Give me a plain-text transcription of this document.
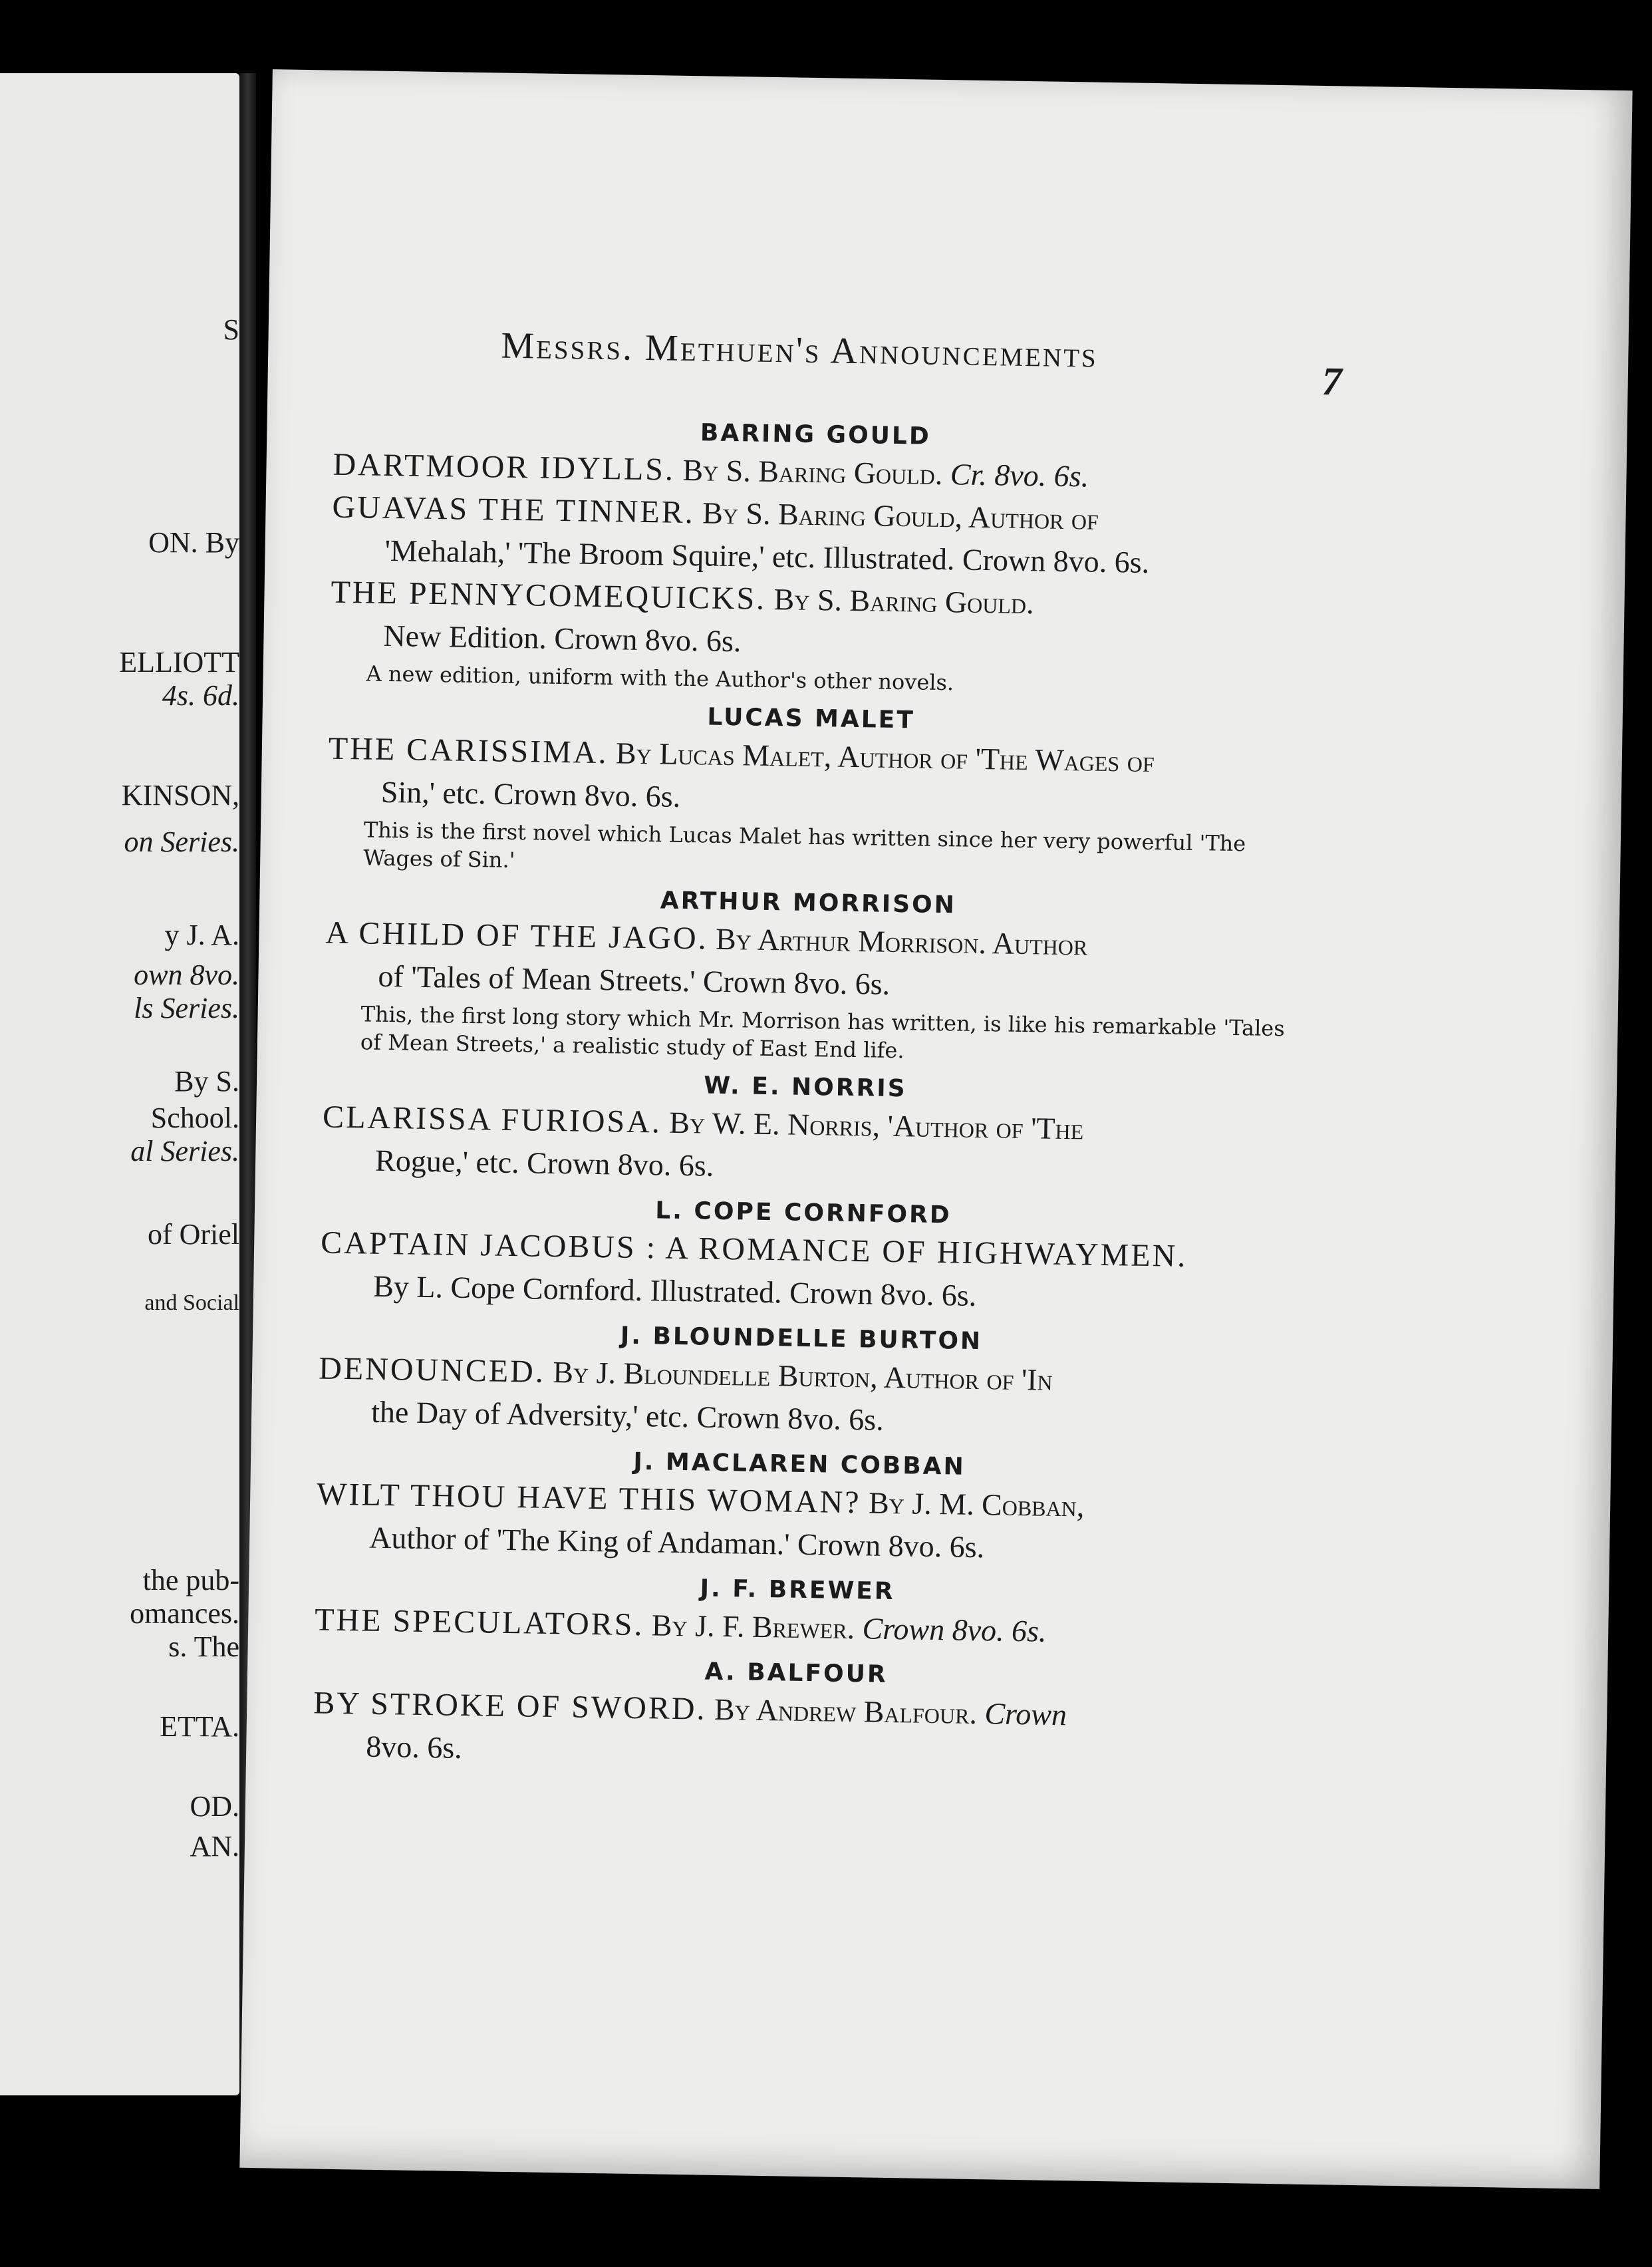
S
ON. By
ELLIOTT
4s. 6d.
KINSON,
on Series.
y J. A.
own 8vo.
ls Series.
By S.
School.
al Series.
of Oriel
and Social
the pub-
omances.
s. The
ETTA.
OD.
AN.
Messrs. Methuen's Announcements
7
BARING GOULD
DARTMOOR IDYLLS. By S. Baring Gould. Cr. 8vo. 6s.
GUAVAS THE TINNER. By S. Baring Gould, Author of
'Mehalah,' 'The Broom Squire,' etc. Illustrated. Crown 8vo. 6s.
THE PENNYCOMEQUICKS. By S. Baring Gould.
New Edition. Crown 8vo. 6s.
A new edition, uniform with the Author's other novels.
LUCAS MALET
THE CARISSIMA. By Lucas Malet, Author of 'The Wages of
Sin,' etc. Crown 8vo. 6s.
This is the first novel which Lucas Malet has written since her very powerful 'The Wages of Sin.'
ARTHUR MORRISON
A CHILD OF THE JAGO. By Arthur Morrison. Author
of 'Tales of Mean Streets.' Crown 8vo. 6s.
This, the first long story which Mr. Morrison has written, is like his remarkable 'Tales of Mean Streets,' a realistic study of East End life.
W. E. NORRIS
CLARISSA FURIOSA. By W. E. Norris, 'Author of 'The
Rogue,' etc. Crown 8vo. 6s.
L. COPE CORNFORD
CAPTAIN JACOBUS : A ROMANCE OF HIGHWAYMEN.
By L. Cope Cornford. Illustrated. Crown 8vo. 6s.
J. BLOUNDELLE BURTON
DENOUNCED. By J. Bloundelle Burton, Author of 'In
the Day of Adversity,' etc. Crown 8vo. 6s.
J. MACLAREN COBBAN
WILT THOU HAVE THIS WOMAN? By J. M. Cobban,
Author of 'The King of Andaman.' Crown 8vo. 6s.
J. F. BREWER
THE SPECULATORS. By J. F. Brewer. Crown 8vo. 6s.
A. BALFOUR
BY STROKE OF SWORD. By Andrew Balfour. Crown
8vo. 6s.
